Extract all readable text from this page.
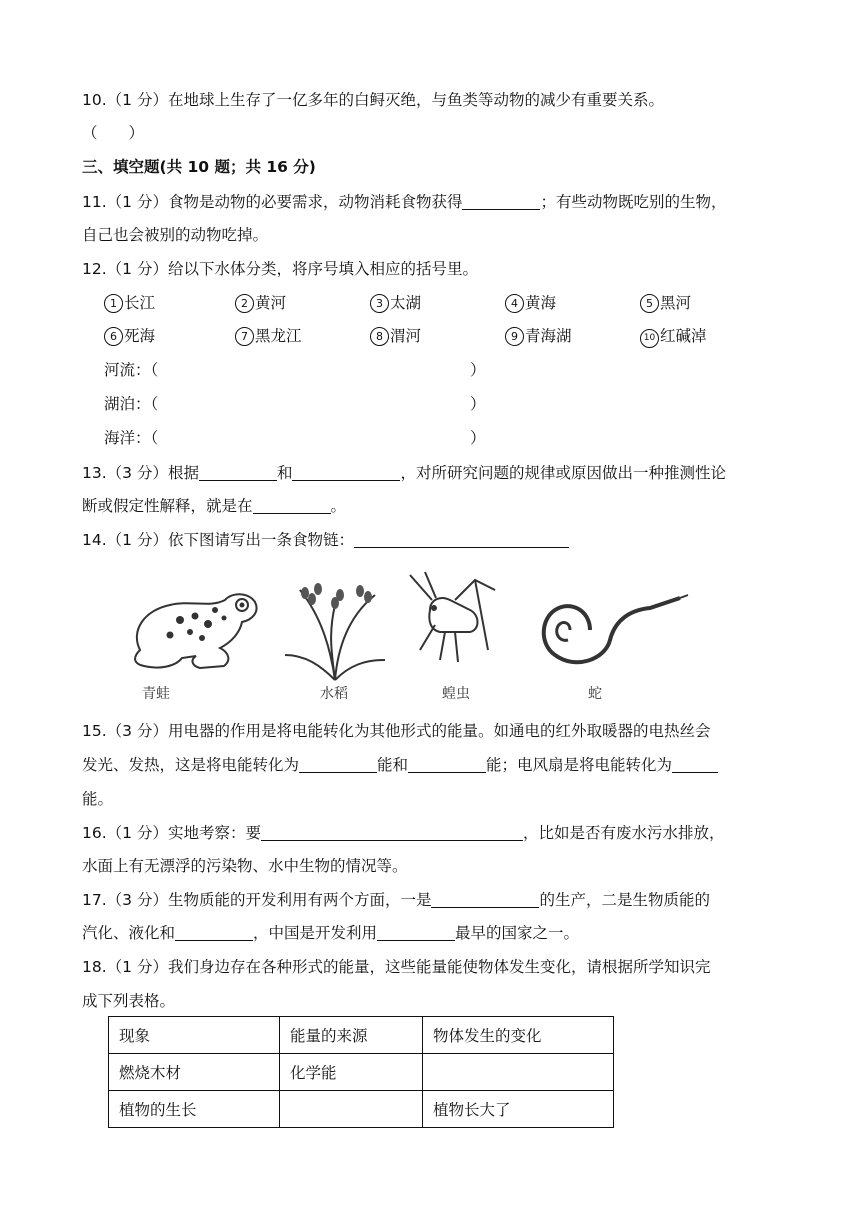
10.（1 分）在地球上生存了一亿多年的白鲟灭绝，与鱼类等动物的减少有重要关系。
（　　）
三、填空题(共 10 题；共 16 分)
11.（1 分）食物是动物的必要需求，动物消耗食物获得	；有些动物既吃别的生物，
自己也会被别的动物吃掉。
12.（1 分）给以下水体分类，将序号填入相应的括号里。
1 长江	2 黄河	3 太湖	4 黄海	5 黑河
6 死海	7 黑龙江	8 渭河	9 青海湖	10 红碱淖
河流：（	）
湖泊：（	）
海洋：（	）
13.（3 分）根据	和	，对所研究问题的规律或原因做出一种推测性论
断或假定性解释，就是在	。
14.（1 分）依下图请写出一条食物链：
青蛙	水稻	蝗虫	蛇
15.（3 分）用电器的作用是将电能转化为其他形式的能量。如通电的红外取暖器的电热丝会
发光、发热，这是将电能转化为	能和	能；电风扇是将电能转化为
能。
16.（1 分）实地考察：要	，比如是否有废水污水排放，
水面上有无漂浮的污染物、水中生物的情况等。
17.（3 分）生物质能的开发利用有两个方面，一是	的生产，二是生物质能的
汽化、液化和	，中国是开发利用	最早的国家之一。
18.（1 分）我们身边存在各种形式的能量，这些能量能使物体发生变化，请根据所学知识完
成下列表格。
现象	能量的来源	物体发生的变化
燃烧木材	化学能	
植物的生长		植物长大了
